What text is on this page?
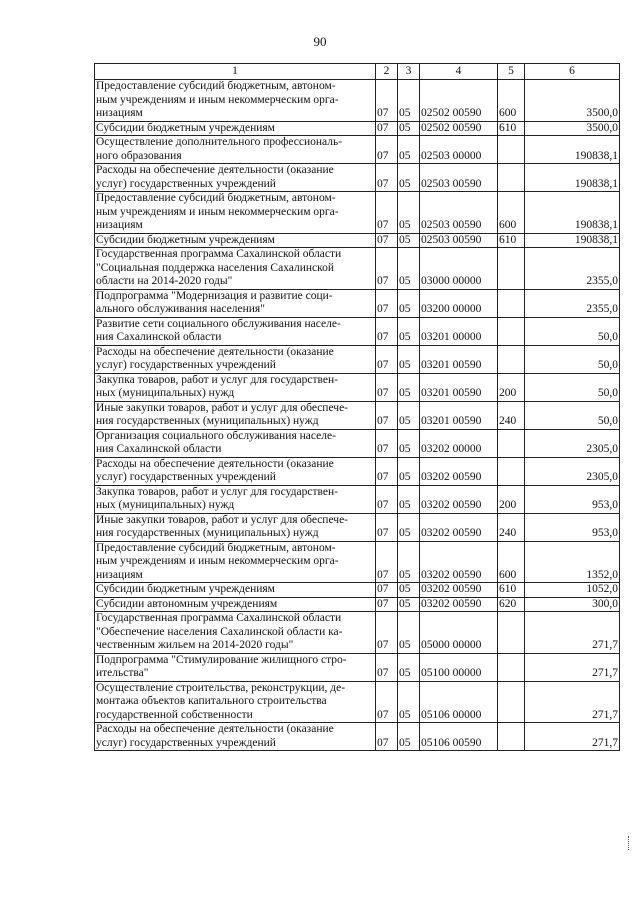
90
1	2	3	4	5	6
Предоставление субсидий бюджетным, автоном-
ным учреждениям и иным некоммерческим орга-
низациям	07	05	02502 00590	600	3500,0
Субсидии бюджетным учреждениям	07	05	02502 00590	610	3500,0
Осуществление дополнительного профессиональ-
ного образования	07	05	02503 00000		190838,1
Расходы на обеспечение деятельности (оказание
услуг) государственных учреждений	07	05	02503 00590		190838,1
Предоставление субсидий бюджетным, автоном-
ным учреждениям и иным некоммерческим орга-
низациям	07	05	02503 00590	600	190838,1
Субсидии бюджетным учреждениям	07	05	02503 00590	610	190838,1
Государственная программа Сахалинской области
"Социальная поддержка населения Сахалинской
области на 2014-2020 годы"	07	05	03000 00000		2355,0
Подпрограмма "Модернизация и развитие соци-
ального обслуживания населения"	07	05	03200 00000		2355,0
Развитие сети социального обслуживания населе-
ния Сахалинской области	07	05	03201 00000		50,0
Расходы на обеспечение деятельности (оказание
услуг) государственных учреждений	07	05	03201 00590		50,0
Закупка товаров, работ и услуг для государствен-
ных (муниципальных) нужд	07	05	03201 00590	200	50,0
Иные закупки товаров, работ и услуг для обеспече-
ния государственных (муниципальных) нужд	07	05	03201 00590	240	50,0
Организация социального обслуживания населе-
ния Сахалинской области	07	05	03202 00000		2305,0
Расходы на обеспечение деятельности (оказание
услуг) государственных учреждений	07	05	03202 00590		2305,0
Закупка товаров, работ и услуг для государствен-
ных (муниципальных) нужд	07	05	03202 00590	200	953,0
Иные закупки товаров, работ и услуг для обеспече-
ния государственных (муниципальных) нужд	07	05	03202 00590	240	953,0
Предоставление субсидий бюджетным, автоном-
ным учреждениям и иным некоммерческим орга-
низациям	07	05	03202 00590	600	1352,0
Субсидии бюджетным учреждениям	07	05	03202 00590	610	1052,0
Субсидии автономным учреждениям	07	05	03202 00590	620	300,0
Государственная программа Сахалинской области
"Обеспечение населения Сахалинской области ка-
чественным жильем на 2014-2020 годы"	07	05	05000 00000		271,7
Подпрограмма "Стимулирование жилищного стро-
ительства"	07	05	05100 00000		271,7
Осуществление строительства, реконструкции, де-
монтажа объектов капитального строительства
государственной собственности	07	05	05106 00000		271,7
Расходы на обеспечение деятельности (оказание
услуг) государственных учреждений	07	05	05106 00590		271,7
